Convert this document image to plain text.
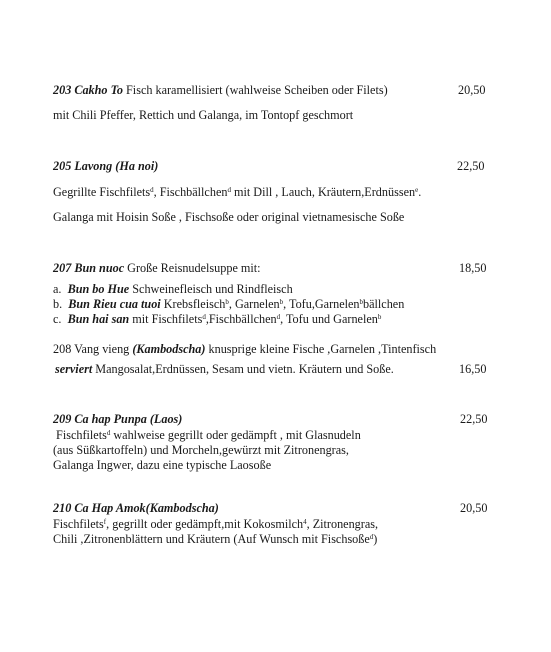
203 Cakho To Fisch karamellisiert (wahlweise Scheiben oder Filets)	20,50
mit Chili Pfeffer, Rettich und Galanga, im Tontopf geschmort
205 Lavong (Ha noi)	22,50
Gegrillte Fischfilets$^d$, Fischbällchen$^d$ mit Dill , Lauch, Kräutern,Erdnüssen$^e$.
Galanga mit Hoisin Soße , Fischsoße oder original vietnamesische Soße
207 Bun nuoc Große Reisnudelsuppe mit:	18,50
a.  Bun bo Hue Schweinefleisch und Rindfleisch
b.  Bun Rieu cua tuoi Krebsfleisch$^b$, Garnelen$^b$, Tofu,Garnelen$^b$bällchen
c.  Bun hai san mit Fischfilets$^d$,Fischbällchen$^d$, Tofu und Garnelen$^b$
208 Vang vieng (Kambodscha) knusprige kleine Fische ,Garnelen ,Tintenfisch
serviert Mangosalat,Erdnüssen, Sesam und vietn. Kräutern und Soße.	16,50
209 Ca hap Punpa (Laos)	22,50
Fischfilets$^d$ wahlweise gegrillt oder gedämpft , mit Glasnudeln
(aus Süßkartoffeln) und Morcheln,gewürzt mit Zitronengras,
Galanga Ingwer, dazu eine typische Laosoße
210 Ca Hap Amok(Kambodscha)	20,50
Fischfilets$^f$, gegrillt oder gedämpft,mit Kokosmilch$^4$, Zitronengras,
Chili ,Zitronenblättern und Kräutern (Auf Wunsch mit Fischsoße$^d$)
